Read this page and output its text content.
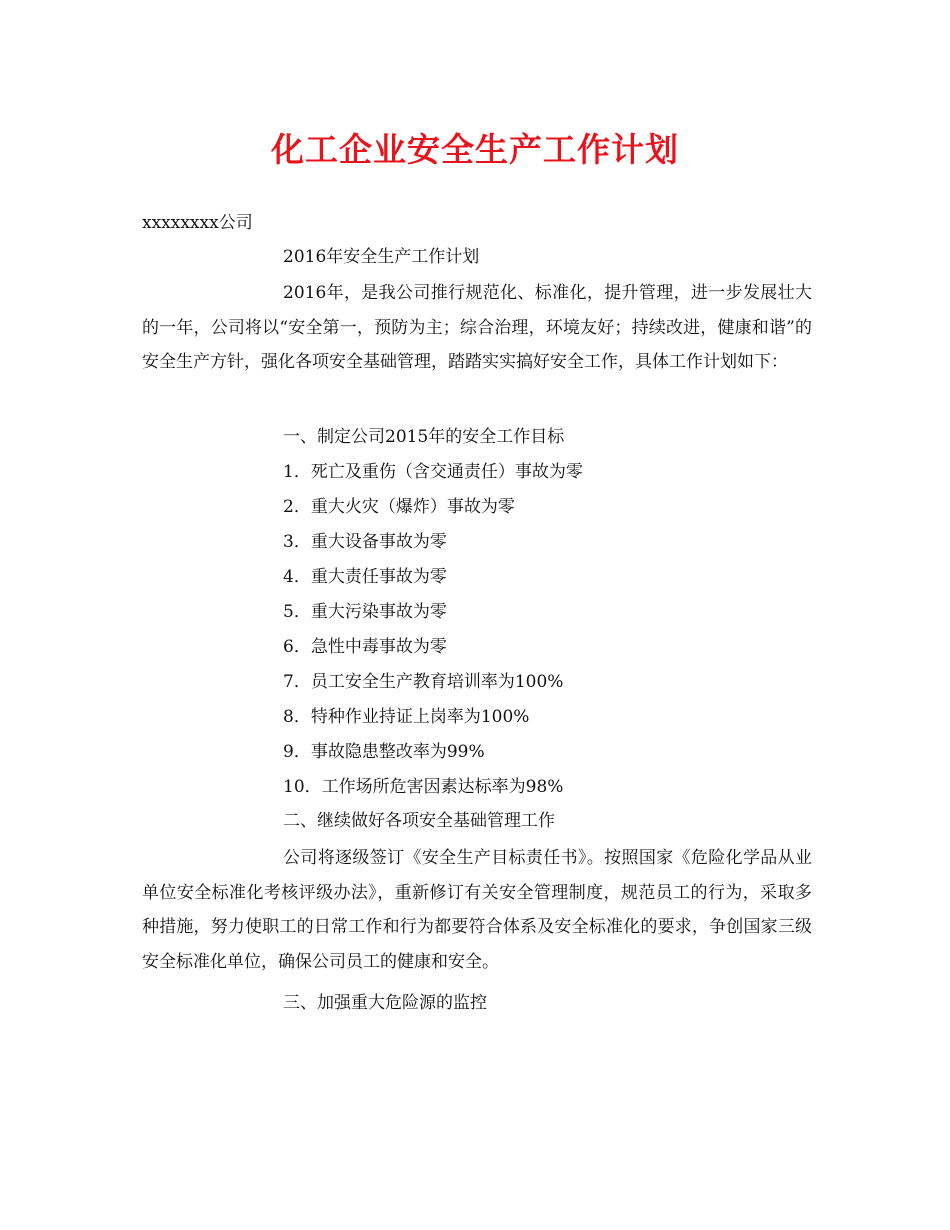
化工企业安全生产工作计划
xxxxxxxx公司
2016年安全生产工作计划
2016年，是我公司推行规范化、标准化，提升管理，进一步发展壮大的一年，公司将以“安全第一，预防为主；综合治理，环境友好；持续改进，健康和谐”的安全生产方针，强化各项安全基础管理，踏踏实实搞好安全工作，具体工作计划如下：
一、制定公司2015年的安全工作目标
1．死亡及重伤（含交通责任）事故为零
2．重大火灾（爆炸）事故为零
3．重大设备事故为零
4．重大责任事故为零
5．重大污染事故为零
6．急性中毒事故为零
7．员工安全生产教育培训率为100%
8．特种作业持证上岗率为100%
9．事故隐患整改率为99%
10．工作场所危害因素达标率为98%
二、继续做好各项安全基础管理工作
公司将逐级签订《安全生产目标责任书》。按照国家《危险化学品从业单位安全标准化考核评级办法》，重新修订有关安全管理制度，规范员工的行为，采取多种措施，努力使职工的日常工作和行为都要符合体系及安全标准化的要求，争创国家三级安全标准化单位，确保公司员工的健康和安全。
三、加强重大危险源的监控
